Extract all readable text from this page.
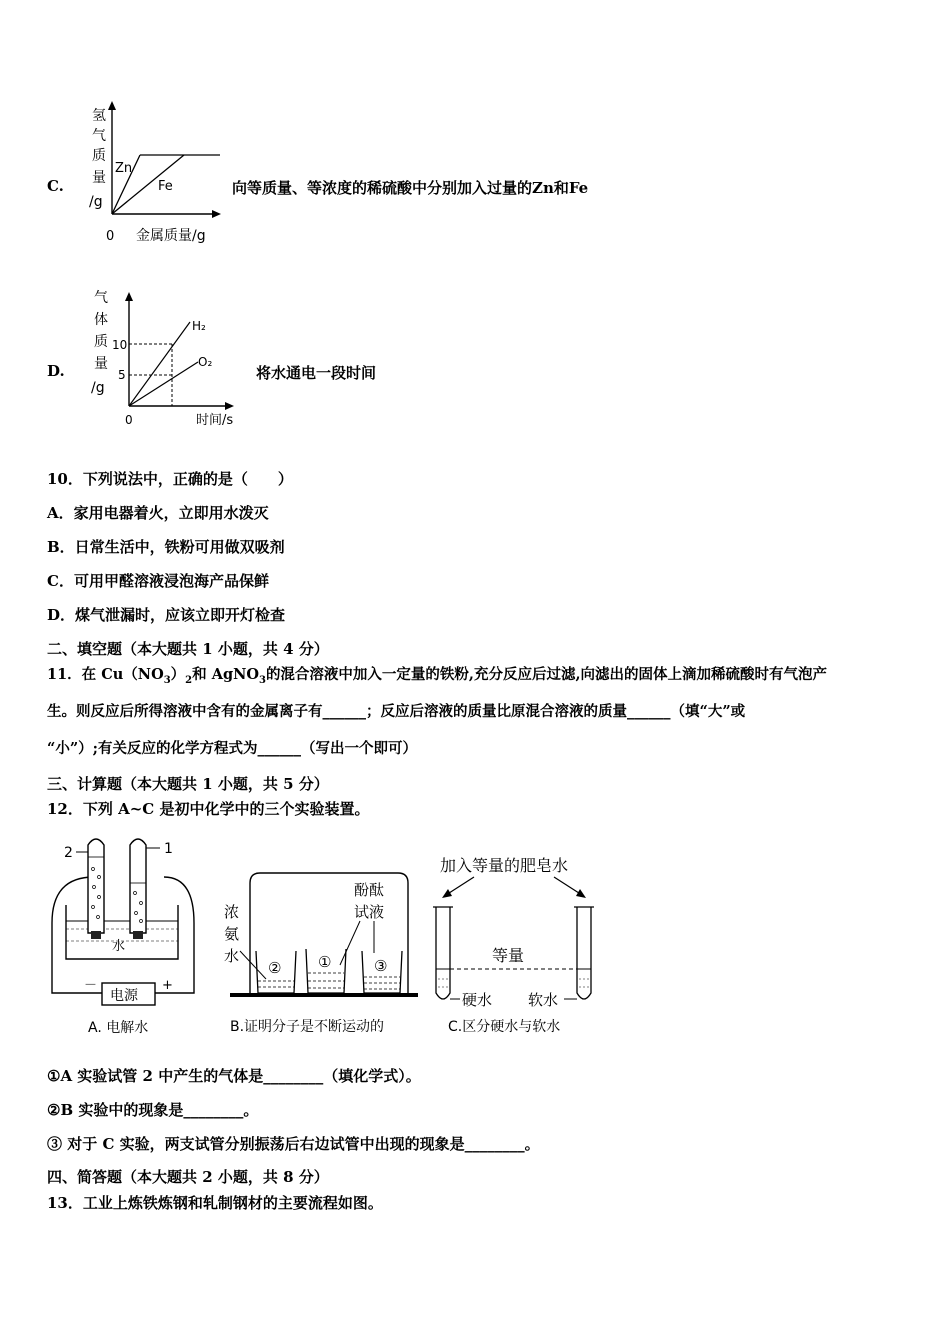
C.
氢
气
质
量
/g
Zn
Fe
0 金属质量/g
向等质量、等浓度的稀硫酸中分别加入过量的Zn和Fe
D.
气
体
质
量
/g
10
5
H₂
O₂
0	时间/s
将水通电一段时间
10．下列说法中，正确的是（　　）
A．家用电器着火，立即用水泼灭
B．日常生活中，铁粉可用做双吸剂
C．可用甲醛溶液浸泡海产品保鲜
D．煤气泄漏时，应该立即开灯检查
二、填空题（本大题共 1 小题，共 4 分）
11．在 $Cu(NO_3)_2$和 AgNO$_3$的混合溶液中加入一定量的铁粉,充分反应后过滤,向滤出的固体上滴加稀硫酸时有气泡产
生。则反应后所得溶液中含有的金属离子有______；反应后溶液的质量比原混合溶液的质量______（填“大”或
“小”）;有关反应的化学方程式为______（写出一个即可）
三、计算题（本大题共 1 小题，共 5 分）
12．下列 A~C 是初中化学中的三个实验装置。
2	1
水
电源
－	+
A. 电解水
② ①	③
酚酞
试液
浓
氨
水
B.证明分子是不断运动的
加入等量的肥皂水
等量
硬水 软水
C.区分硬水与软水
①A 实验试管 2 中产生的气体是________（填化学式）。
②B 实验中的现象是________。
③ 对于 C 实验，两支试管分别振荡后右边试管中出现的现象是________。
四、简答题（本大题共 2 小题，共 8 分）
13．工业上炼铁炼钢和轧制钢材的主要流程如图。
